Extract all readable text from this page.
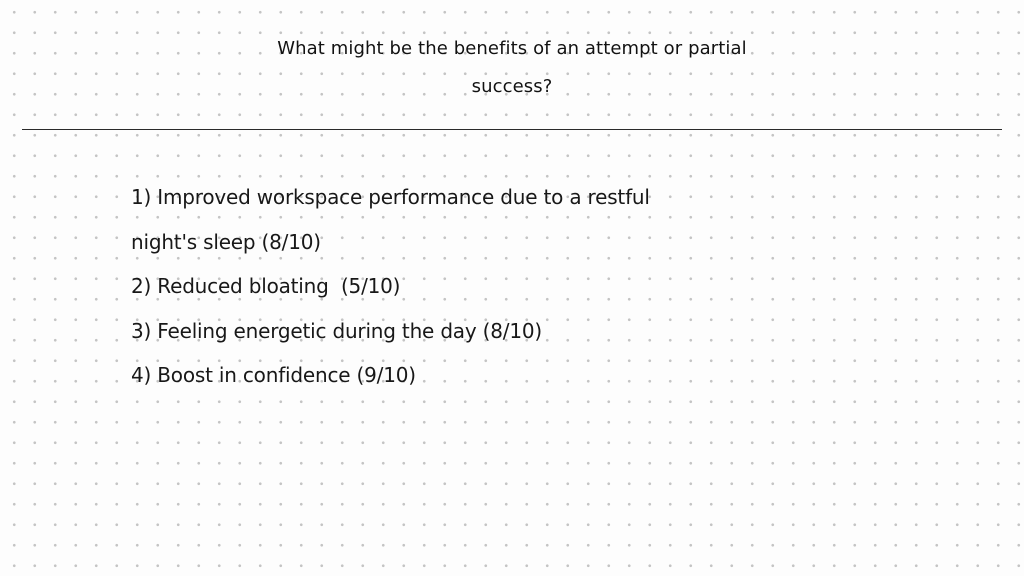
What might be the benefits of an attempt or partial
success?
1) Improved workspace performance due to a restful
night's sleep (8/10)
2) Reduced bloating  (5/10)
3) Feeling energetic during the day (8/10)
4) Boost in confidence (9/10)
